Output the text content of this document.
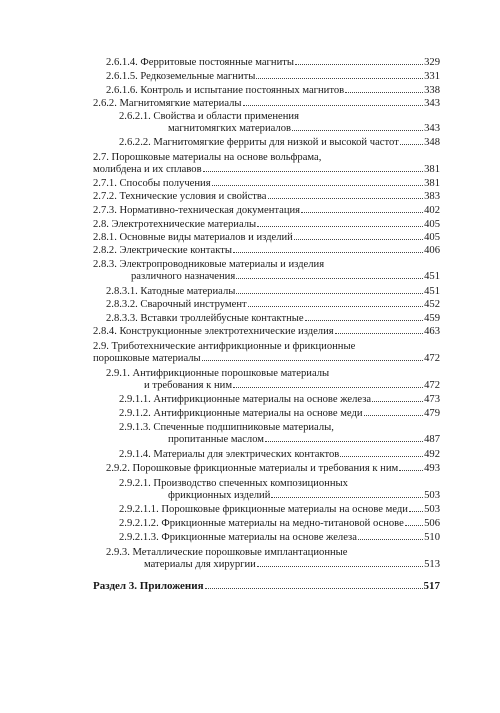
2.6.1.4. Ферритовые постоянные магниты	329
2.6.1.5. Редкоземельные магниты	331
2.6.1.6. Контроль и испытание постоянных магнитов	338
2.6.2. Магнитомягкие материалы	343
2.6.2.1. Свойства и области применения
магнитомягких материалов	343
2.6.2.2. Магнитомягкие ферриты для низкой и высокой частот 348
2.7. Порошковые материалы на основе вольфрама,
молибдена и их сплавов	381
2.7.1. Способы получения	381
2.7.2. Технические условия и свойства	383
2.7.3. Нормативно-техническая документация	402
2.8. Электротехнические материалы	405
2.8.1. Основные виды материалов и изделий	405
2.8.2. Электрические контакты	406
2.8.3. Электропроводниковые материалы и изделия
различного назначения	451
2.8.3.1. Катодные материалы	451
2.8.3.2. Сварочный инструмент	452
2.8.3.3. Вставки троллейбусные контактные	459
2.8.4. Конструкционные электротехнические изделия	463
2.9. Триботехнические антифрикционные и фрикционные
порошковые материалы	472
2.9.1. Антифрикционные порошковые материалы
и требования к ним	472
2.9.1.1. Антифрикционные материалы на основе железа	473
2.9.1.2. Антифрикционные материалы на основе меди	479
2.9.1.3. Спеченные подшипниковые материалы,
пропитанные маслом	487
2.9.1.4. Материалы для электрических контактов	492
2.9.2. Порошковые фрикционные материалы и требования к ним 493
2.9.2.1. Производство спеченных композиционных
фрикционных изделий	503
2.9.2.1.1. Порошковые фрикционные материалы на основе меди 503
2.9.2.1.2. Фрикционные материалы на медно-титановой основе 506
2.9.2.1.3. Фрикционные материалы на основе железа	510
2.9.3. Металлические порошковые имплантационные
материалы для хирургии	513
Раздел 3. Приложения	517
